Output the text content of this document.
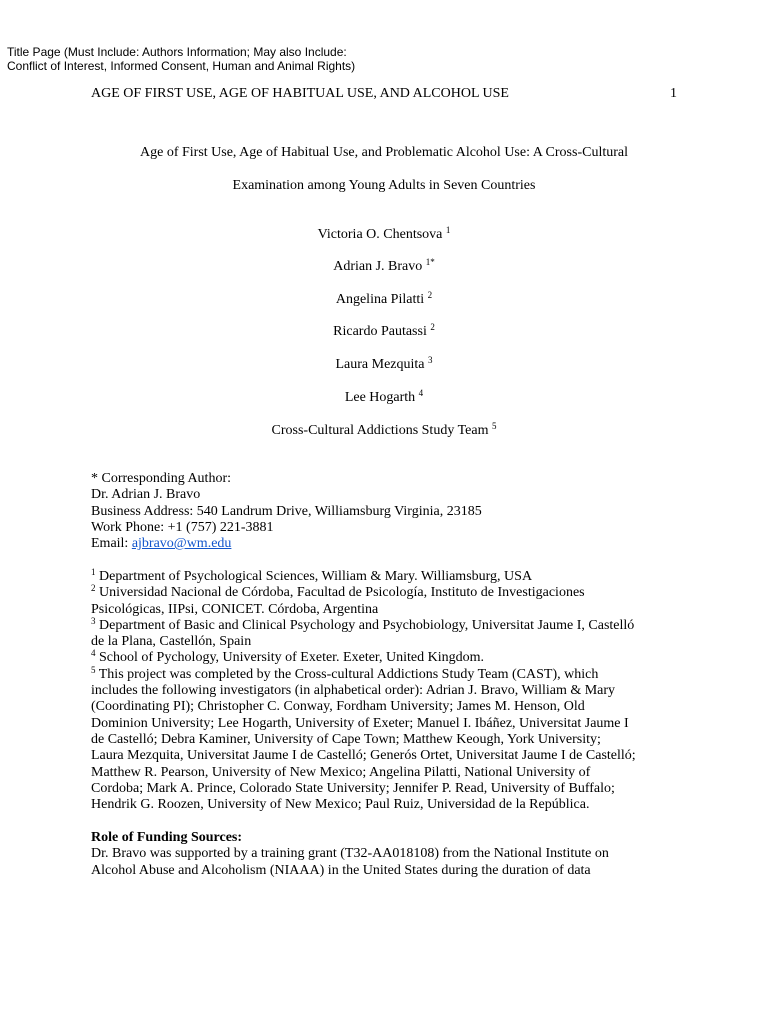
Title Page (Must Include: Authors Information; May also Include:
Conflict of Interest, Informed Consent, Human and Animal Rights)
AGE OF FIRST USE, AGE OF HABITUAL USE, AND ALCOHOL USE	1
Age of First Use, Age of Habitual Use, and Problematic Alcohol Use: A Cross-Cultural
Examination among Young Adults in Seven Countries
Victoria O. Chentsova $^1$
Adrian J. Bravo $^{1*}$
Angelina Pilatti $^2$
Ricardo Pautassi $^2$
Laura Mezquita $^3$
Lee Hogarth $^4$
Cross-Cultural Addictions Study Team $^5$
* Corresponding Author:
Dr. Adrian J. Bravo
Business Address: 540 Landrum Drive, Williamsburg Virginia, 23185
Work Phone: +1 (757) 221-3881
Email: ajbravo@wm.edu
$^1$ Department of Psychological Sciences, William & Mary. Williamsburg, USA
$^2$ Universidad Nacional de Córdoba, Facultad de Psicología, Instituto de Investigaciones
Psicológicas, IIPsi, CONICET. Córdoba, Argentina
$^3$ Department of Basic and Clinical Psychology and Psychobiology, Universitat Jaume I, Castelló
de la Plana, Castellón, Spain
$^4$ School of Pychology, University of Exeter. Exeter, United Kingdom.
$^5$ This project was completed by the Cross-cultural Addictions Study Team (CAST), which
includes the following investigators (in alphabetical order): Adrian J. Bravo, William & Mary
(Coordinating PI); Christopher C. Conway, Fordham University; James M. Henson, Old
Dominion University; Lee Hogarth, University of Exeter; Manuel I. Ibáñez, Universitat Jaume I
de Castelló; Debra Kaminer, University of Cape Town; Matthew Keough, York University;
Laura Mezquita, Universitat Jaume I de Castelló; Generós Ortet, Universitat Jaume I de Castelló;
Matthew R. Pearson, University of New Mexico; Angelina Pilatti, National University of
Cordoba; Mark A. Prince, Colorado State University; Jennifer P. Read, University of Buffalo;
Hendrik G. Roozen, University of New Mexico; Paul Ruiz, Universidad de la República.
Role of Funding Sources:
Dr. Bravo was supported by a training grant (T32-AA018108) from the National Institute on
Alcohol Abuse and Alcoholism (NIAAA) in the United States during the duration of data
